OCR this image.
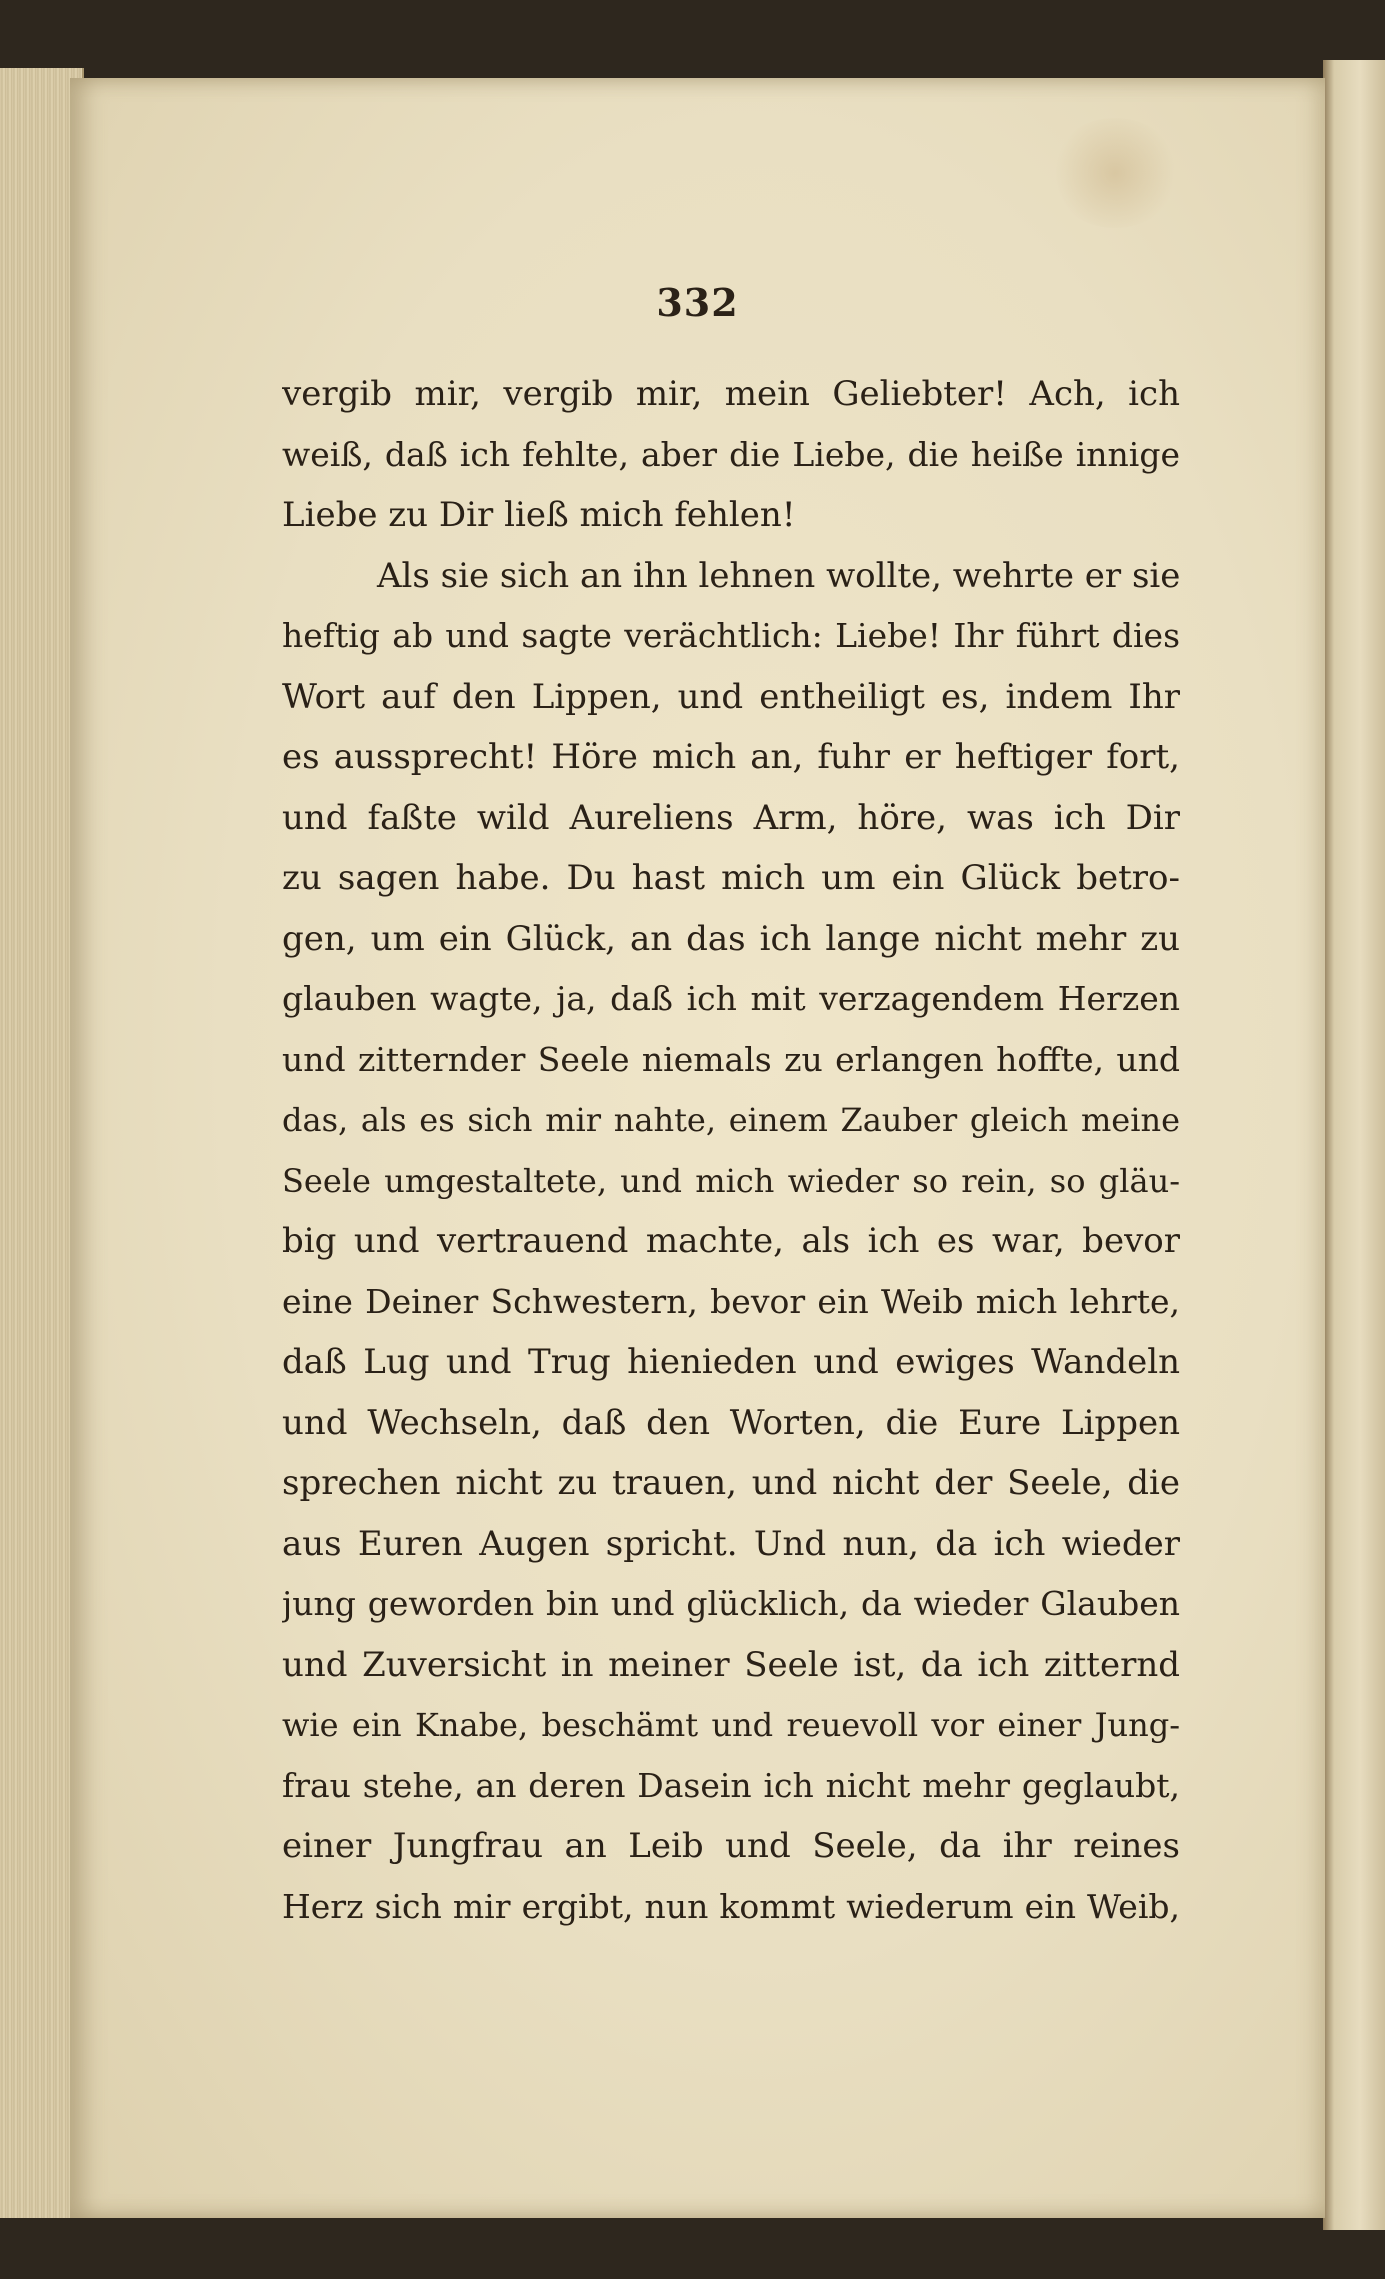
332
vergib mir, vergib mir, mein Geliebter! Ach, ich
weiß, daß ich fehlte, aber die Liebe, die heiße innige
Liebe zu Dir ließ mich fehlen!
Als sie sich an ihn lehnen wollte, wehrte er sie
heftig ab und sagte verächtlich: Liebe! Ihr führt dies
Wort auf den Lippen, und entheiligt es, indem Ihr
es aussprecht! Höre mich an, fuhr er heftiger fort,
und faßte wild Aureliens Arm, höre, was ich Dir
zu sagen habe. Du hast mich um ein Glück betro-
gen, um ein Glück, an das ich lange nicht mehr zu
glauben wagte, ja, daß ich mit verzagendem Herzen
und zitternder Seele niemals zu erlangen hoffte, und
das, als es sich mir nahte, einem Zauber gleich meine
Seele umgestaltete, und mich wieder so rein, so gläu-
big und vertrauend machte, als ich es war, bevor
eine Deiner Schwestern, bevor ein Weib mich lehrte,
daß Lug und Trug hienieden und ewiges Wandeln
und Wechseln, daß den Worten, die Eure Lippen
sprechen nicht zu trauen, und nicht der Seele, die
aus Euren Augen spricht. Und nun, da ich wieder
jung geworden bin und glücklich, da wieder Glauben
und Zuversicht in meiner Seele ist, da ich zitternd
wie ein Knabe, beschämt und reuevoll vor einer Jung-
frau stehe, an deren Dasein ich nicht mehr geglaubt,
einer Jungfrau an Leib und Seele, da ihr reines
Herz sich mir ergibt, nun kommt wiederum ein Weib,
